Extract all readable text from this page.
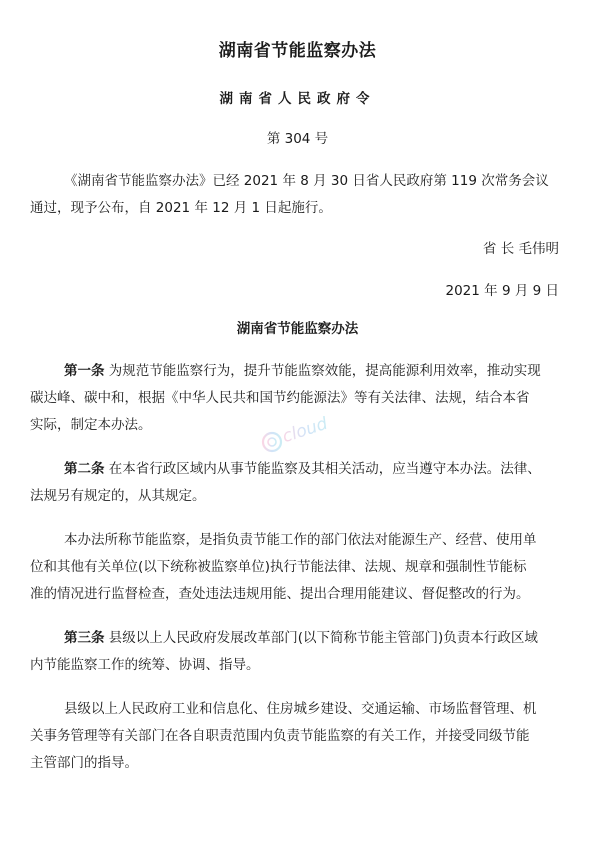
湖南省节能监察办法
湖南省人民政府令
第 304 号
《湖南省节能监察办法》已经 2021 年 8 月 30 日省人民政府第 119 次常务会议
通过，现予公布，自 2021 年 12 月 1 日起施行。
省 长 毛伟明
2021 年 9 月 9 日
湖南省节能监察办法
第一条 为规范节能监察行为，提升节能监察效能，提高能源利用效率，推动实现
碳达峰、碳中和，根据《中华人民共和国节约能源法》等有关法律、法规，结合本省
实际，制定本办法。
第二条 在本省行政区域内从事节能监察及其相关活动，应当遵守本办法。法律、
法规另有规定的，从其规定。
本办法所称节能监察，是指负责节能工作的部门依法对能源生产、经营、使用单
位和其他有关单位(以下统称被监察单位)执行节能法律、法规、规章和强制性节能标
准的情况进行监督检查，查处违法违规用能、提出合理用能建议、督促整改的行为。
第三条 县级以上人民政府发展改革部门(以下简称节能主管部门)负责本行政区域
内节能监察工作的统筹、协调、指导。
县级以上人民政府工业和信息化、住房城乡建设、交通运输、市场监督管理、机
关事务管理等有关部门在各自职责范围内负责节能监察的有关工作，并接受同级节能
主管部门的指导。
cloud
